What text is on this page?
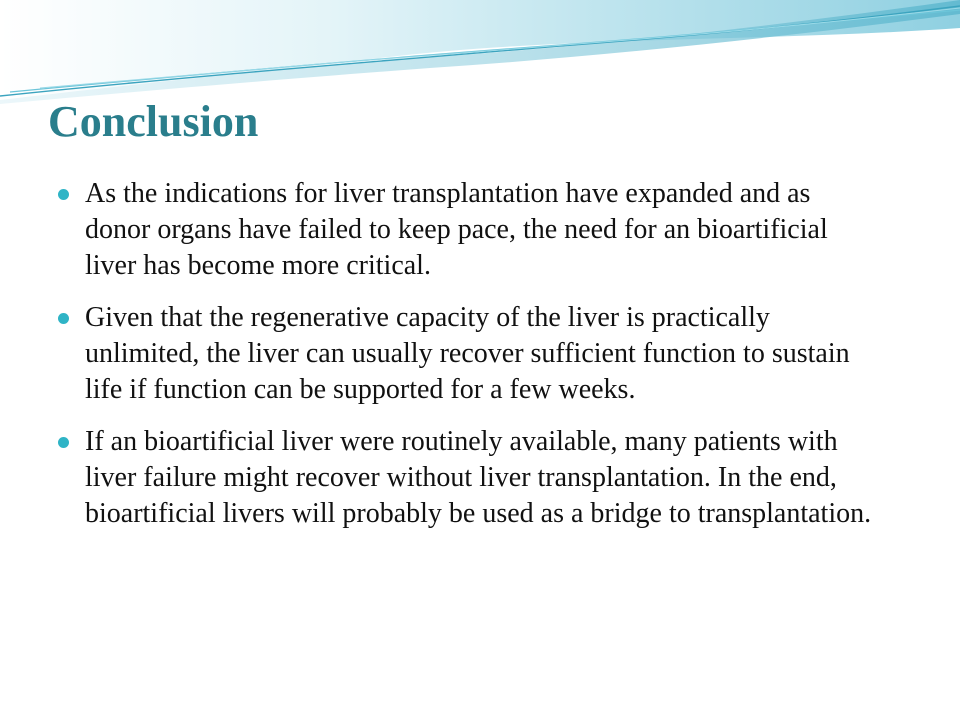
Conclusion
As the indications for liver transplantation have expanded and as donor organs have failed to keep pace, the need for an bioartificial liver has become more critical.
Given that the regenerative capacity of the liver is practically unlimited, the liver can usually recover sufficient function to sustain life if function can be supported for a few weeks.
If an bioartificial liver were routinely available, many patients with liver failure might recover without liver transplantation. In the end, bioartificial livers will probably be used as a bridge to transplantation.
